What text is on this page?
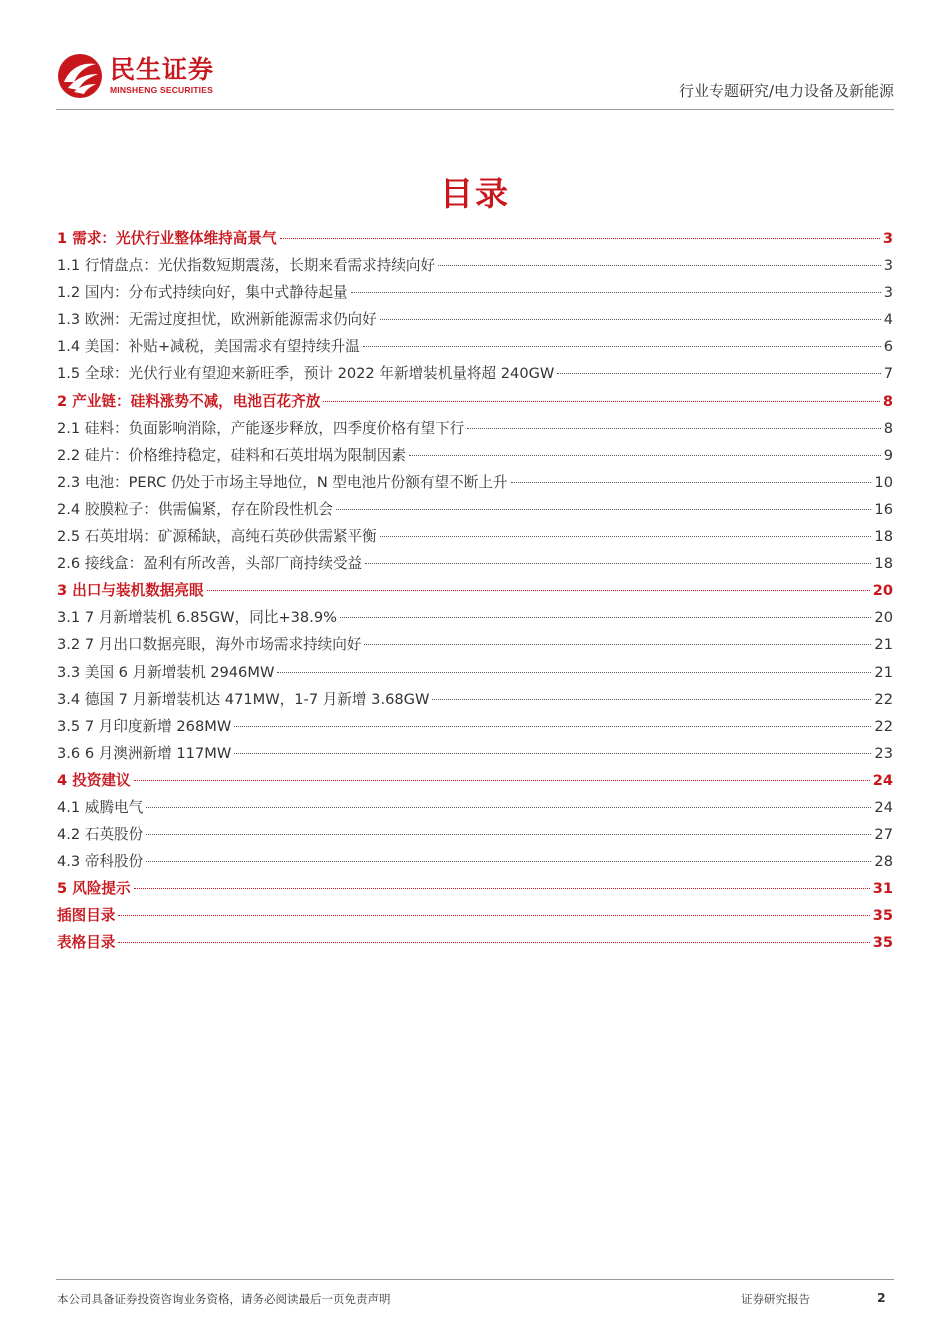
民生证券
MINSHENG SECURITIES	行业专题研究/电力设备及新能源
目录
1 需求：光伏行业整体维持高景气	3
1.1 行情盘点：光伏指数短期震荡，长期来看需求持续向好	3
1.2 国内：分布式持续向好，集中式静待起量	3
1.3 欧洲：无需过度担忧，欧洲新能源需求仍向好	4
1.4 美国：补贴+减税，美国需求有望持续升温	6
1.5 全球：光伏行业有望迎来新旺季，预计 2022 年新增装机量将超 240GW	7
2 产业链：硅料涨势不减，电池百花齐放	8
2.1 硅料：负面影响消除，产能逐步释放，四季度价格有望下行	8
2.2 硅片：价格维持稳定，硅料和石英坩埚为限制因素	9
2.3 电池：PERC 仍处于市场主导地位，N 型电池片份额有望不断上升	10
2.4 胶膜粒子：供需偏紧，存在阶段性机会	16
2.5 石英坩埚：矿源稀缺，高纯石英砂供需紧平衡	18
2.6 接线盒：盈利有所改善，头部厂商持续受益	18
3 出口与装机数据亮眼	20
3.1 7 月新增装机 6.85GW，同比+38.9%	20
3.2 7 月出口数据亮眼，海外市场需求持续向好	21
3.3 美国 6 月新增装机 2946MW	21
3.4 德国 7 月新增装机达 471MW，1-7 月新增 3.68GW	22
3.5 7 月印度新增 268MW	22
3.6 6 月澳洲新增 117MW	23
4 投资建议	24
4.1 威腾电气	24
4.2 石英股份	27
4.3 帝科股份	28
5 风险提示	31
插图目录	35
表格目录	35
本公司具备证券投资咨询业务资格，请务必阅读最后一页免责声明	证券研究报告	2
